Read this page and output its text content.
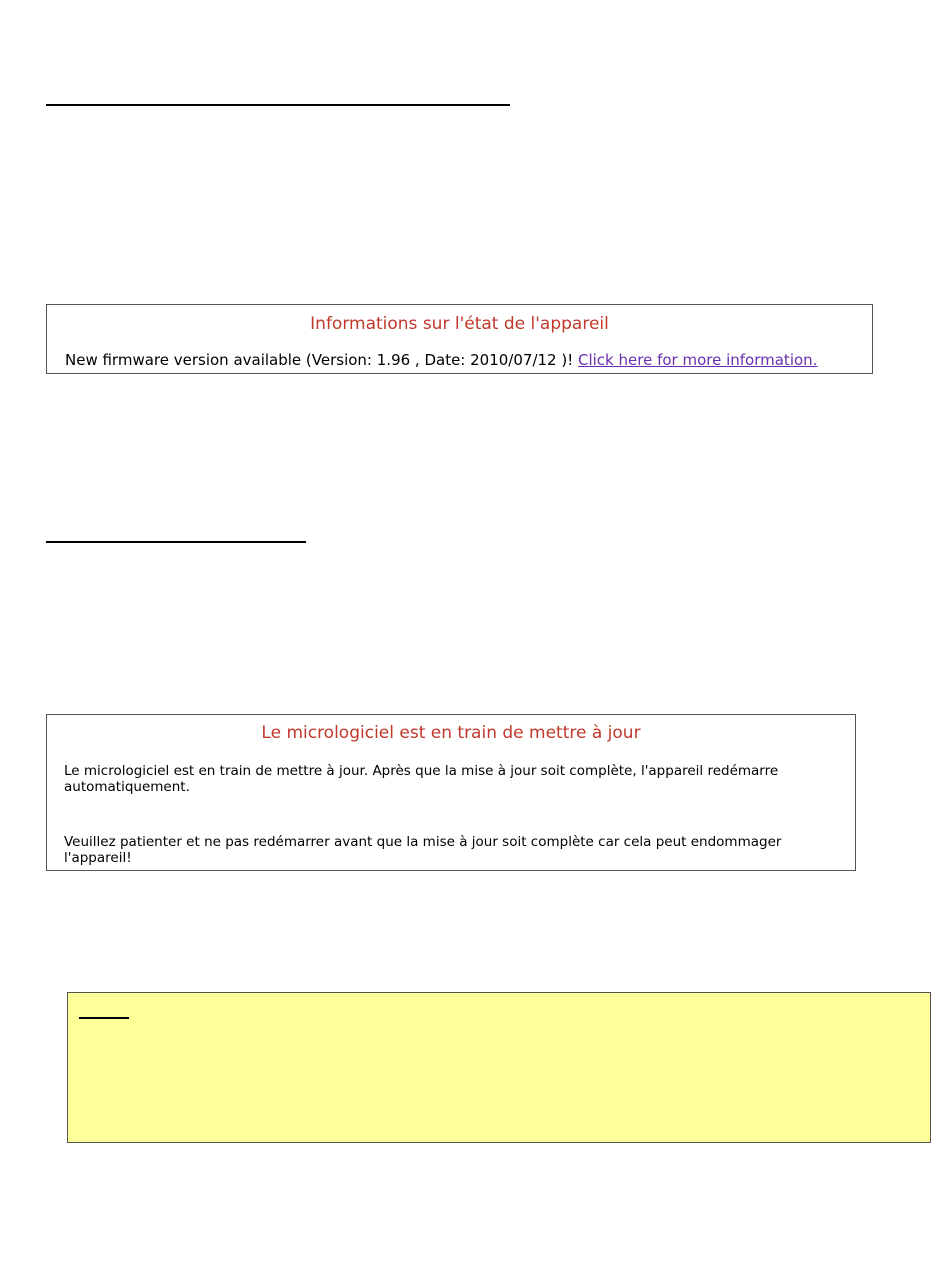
Informations sur l'état de l'appareil
New firmware version available (Version: 1.96 , Date: 2010/07/12 )! Click here for more information.
Le micrologiciel est en train de mettre à jour
Le micrologiciel est en train de mettre à jour. Après que la mise à jour soit complète, l'appareil redémarre automatiquement.
Veuillez patienter et ne pas redémarrer avant que la mise à jour soit complète car cela peut endommager l'appareil!
